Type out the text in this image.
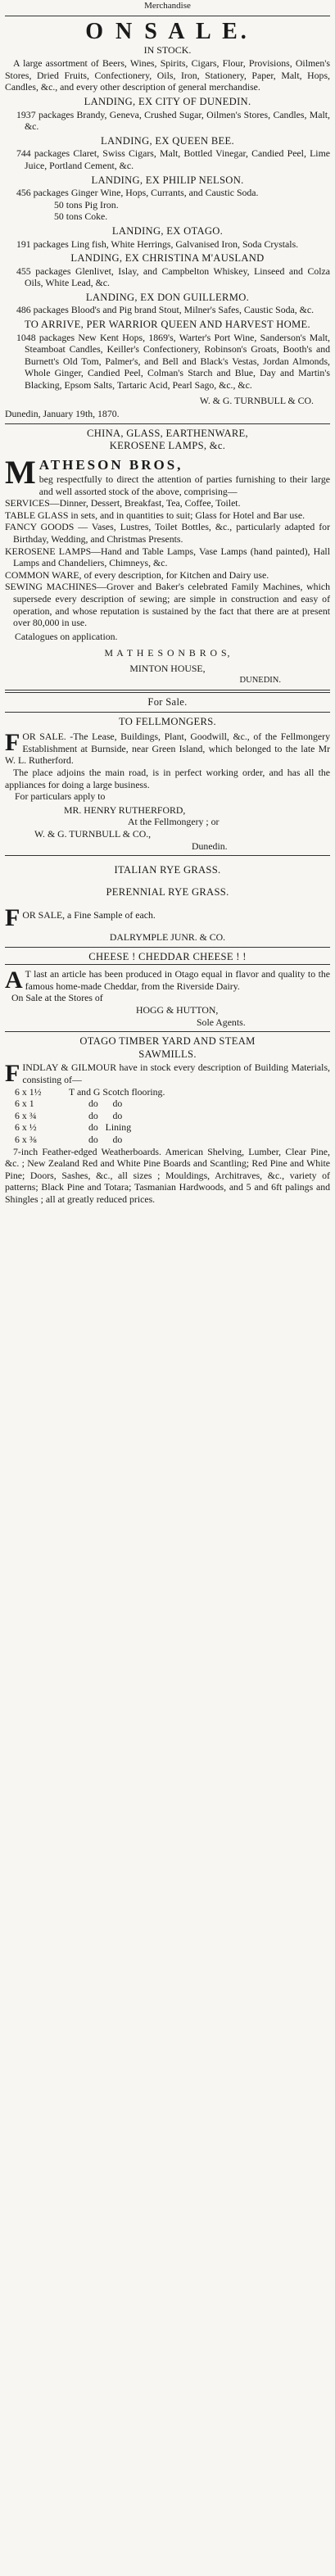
Merchandise
O N S A L E.
IN STOCK.

A large assortment of Beers, Wines, Spirits, Cigars, Flour, Provisions, Oilmen's Stores, Dried Fruits, Confectionery, Oils, Iron, Stationery, Paper, Malt, Hops, Candles, &c., and every other description of general merchandise.

LANDING, EX CITY OF DUNEDIN.

1937 packages Brandy, Geneva, Crushed Sugar, Oilmen's Stores, Candles, Malt, &c.

LANDING, EX QUEEN BEE.

744 packages Claret, Swiss Cigars, Malt, Bottled Vinegar, Candied Peel, Lime Juice, Portland Cement, &c.

LANDING, EX PHILIP NELSON.

456 packages Ginger Wine, Hops, Currants, and Caustic Soda.

50 tons Pig Iron.
50 tons Coke.
LANDING, EX OTAGO.

191 packages Ling fish, White Herrings, Galvanised Iron, Soda Crystals.

LANDING, EX CHRISTINA M'AUSLAND

455 packages Glenlivet, Islay, and Campbelton Whiskey, Linseed and Colza Oils, White Lead, &c.

LANDING, EX DON GUILLERMO.

486 packages Blood's and Pig brand Stout, Milner's Safes, Caustic Soda, &c.

TO ARRIVE, PER WARRIOR QUEEN AND HARVEST HOME.

1048 packages New Kent Hops, 1869's, Warter's Port Wine, Sanderson's Malt, Steamboat Candles, Keiller's Confectionery, Robinson's Groats, Booth's and Burnett's Old Tom, Palmer's, and Bell and Black's Vestas, Jordan Almonds, Whole Ginger, Candied Peel, Colman's Starch and Blue, Day and Martin's Blacking, Epsom Salts, Tartaric Acid, Pearl Sago, &c., &c.

W. & G. TURNBULL & CO.
Dunedin, January 19th, 1870.
CHINA, GLASS, EARTHENWARE,
KEROSENE LAMPS, &c.
M ATHESON BROS,

beg respectfully to direct the attention of parties furnishing to their large and well assorted stock of the above, comprising—

SERVICES—Dinner, Dessert, Breakfast, Tea, Coffee, Toilet.

TABLE GLASS in sets, and in quantities to suit; Glass for Hotel and Bar use.

FANCY GOODS — Vases, Lustres, Toilet Bottles, &c., particularly adapted for Birthday, Wedding, and Christmas Presents.

KEROSENE LAMPS—Hand and Table Lamps, Vase Lamps (hand painted), Hall Lamps and Chandeliers, Chimneys, &c.

COMMON WARE, of every description, for Kitchen and Dairy use.

SEWING MACHINES—Grover and Baker's celebrated Family Machines, which supersede every description of sewing; are simple in construction and easy of operation, and whose reputation is sustained by the fact that there are at present over 80,000 in use.

Catalogues on application.
M A T H E S O N B R O S,
MINTON HOUSE,
DUNEDIN.
For Sale.
TO FELLMONGERS.
F OR SALE. -The Lease, Buildings, Plant, Goodwill, &c., of the Fellmongery Establishment at Burnside, near Green Island, which belonged to the late Mr W. L. Rutherford.

The place adjoins the main road, is in perfect working order, and has all the appliances for doing a large business.

For particulars apply to
MR. HENRY RUTHERFORD,
At the Fellmongery ; or
W. & G. TURNBULL & CO.,
Dunedin.
ITALIAN RYE GRASS.
PERENNIAL RYE GRASS.
F OR SALE, a Fine Sample of each.

DALRYMPLE JUNR. & CO.
CHEESE ! CHEDDAR CHEESE ! !
A T last an article has been produced in Otago equal in flavor and quality to the famous home-made Cheddar, from the Riverside Dairy.

On Sale at the Stores of
HOGG & HUTTON,
Sole Agents.
OTAGO TIMBER YARD AND STEAM
SAWMILLS.
F INDLAY & GILMOUR have in stock every description of Building Materials, consisting of—

6 x 1½	T and G Scotch flooring.
6 x 1	do      do
6 x ¾	do      do
6 x ½	do   Lining
6 x ⅜	do      do

7-inch Feather-edged Weatherboards. American Shelving, Lumber, Clear Pine, &c. ; New Zealand Red and White Pine Boards and Scantling; Red Pine and White Pine; Doors, Sashes, &c., all sizes ; Mouldings, Architraves, &c., variety of patterns; Black Pine and Totara; Tasmanian Hardwoods, and 5 and 6ft palings and Shingles ; all at greatly reduced prices.
